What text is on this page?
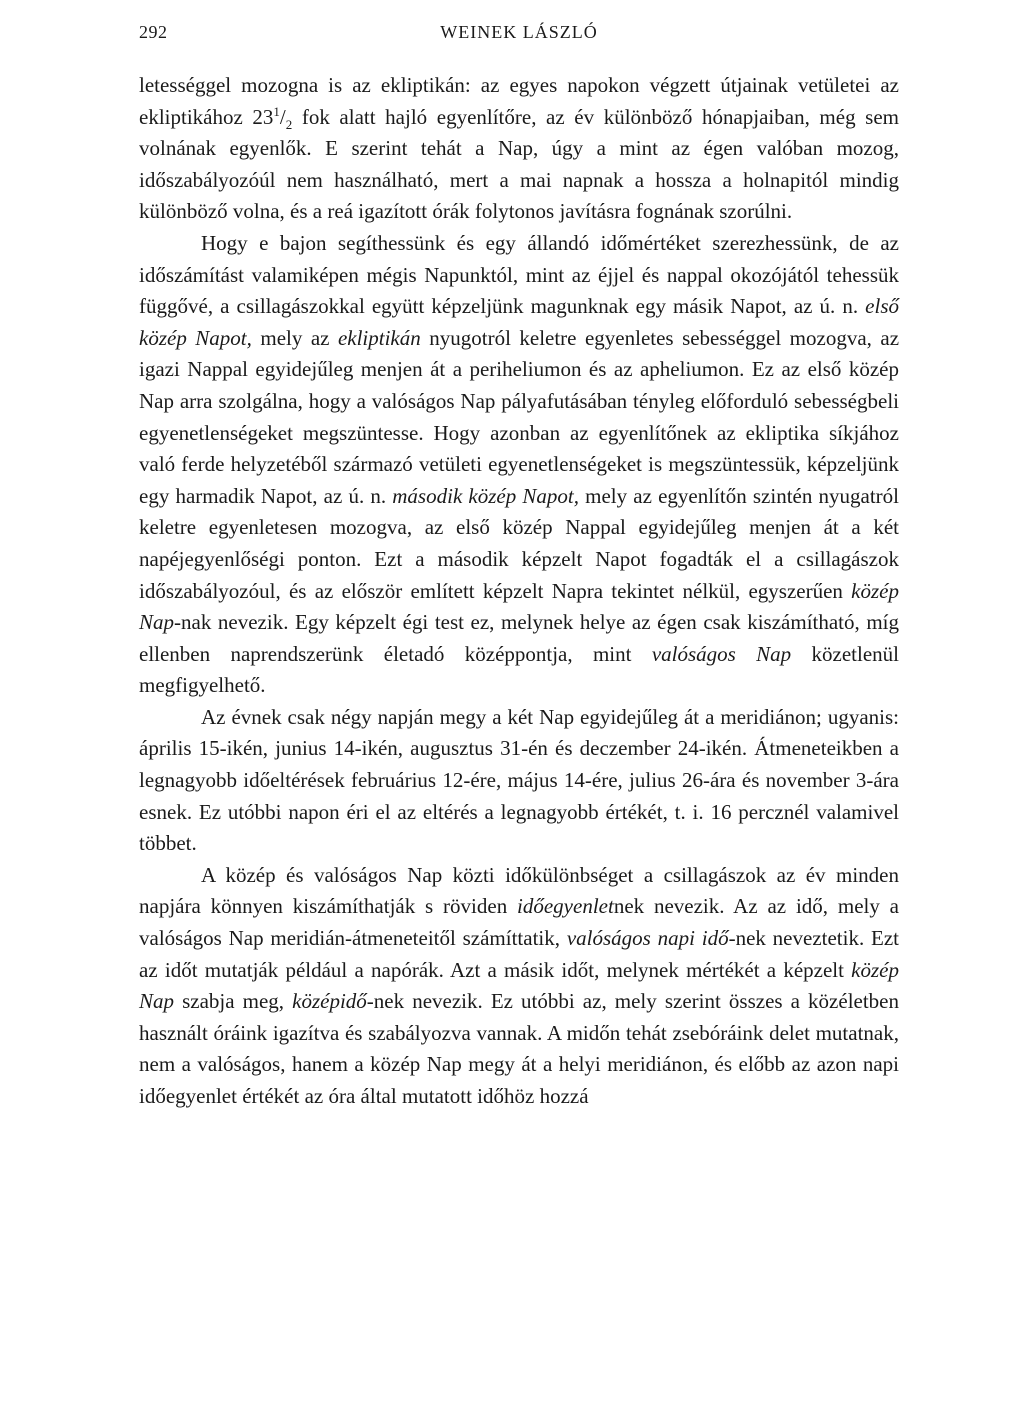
292	WEINEK LÁSZLÓ

letességgel mozogna is az ekliptikán: az egyes napokon végzett útjainak vetületei az ekliptikához $23^1/_2$ fok alatt hajló egyenlítőre, az év különböző hónapjaiban, még sem volnának egyenlők. E szerint tehát a Nap, úgy a mint az égen valóban mozog, időszabályozóúl nem használható, mert a mai napnak a hossza a holnapitól mindig különböző volna, és a reá igazított órák folytonos javításra fognának szorúlni.

Hogy e bajon segíthessünk és egy állandó időmértéket szerezhessünk, de az időszámítást valamiképen mégis Napunktól, mint az éjjel és nappal okozójától tehessük függővé, a csillagászokkal együtt képzeljünk magunknak egy másik Napot, az ú. n. első közép Napot, mely az ekliptikán nyugotról keletre egyenletes sebességgel mozogva, az igazi Nappal egyidejűleg menjen át a periheliumon és az apheliumon. Ez az első közép Nap arra szolgálna, hogy a valóságos Nap pályafutásában tényleg előforduló sebességbeli egyenetlenségeket megszüntesse. Hogy azonban az egyenlítőnek az ekliptika síkjához való ferde helyzetéből származó vetületi egyenetlenségeket is megszüntessük, képzeljünk egy harmadik Napot, az ú. n. második közép Napot, mely az egyenlítőn szintén nyugatról keletre egyenletesen mozogva, az első közép Nappal egyidejűleg menjen át a két napéjegyenlőségi ponton. Ezt a második képzelt Napot fogadták el a csillagászok időszabályozóul, és az először említett képzelt Napra tekintet nélkül, egyszerűen közép Nap-nak nevezik. Egy képzelt égi test ez, melynek helye az égen csak kiszámítható, míg ellenben naprendszerünk életadó középpontja, mint valóságos Nap közetlenül megfigyelhető.

Az évnek csak négy napján megy a két Nap egyidejűleg át a meridiánon; ugyanis: április 15-ikén, junius 14-ikén, augusztus 31-én és deczember 24-ikén. Átmeneteikben a legnagyobb időeltérések februárius 12-ére, május 14-ére, julius 26-ára és november 3-ára esnek. Ez utóbbi napon éri el az eltérés a legnagyobb értékét, t. i. 16 percznél valamivel többet.

A közép és valóságos Nap közti időkülönbséget a csillagászok az év minden napjára könnyen kiszámíthatják s röviden időegyenletnek nevezik. Az az idő, mely a valóságos Nap meridián-átmeneteitől számíttatik, valóságos napi idő-nek neveztetik. Ezt az időt mutatják például a napórák. Azt a másik időt, melynek mértékét a képzelt közép Nap szabja meg, középidő-nek nevezik. Ez utóbbi az, mely szerint összes a közéletben használt óráink igazítva és szabályozva vannak. A midőn tehát zsebóráink delet mutatnak, nem a valóságos, hanem a közép Nap megy át a helyi meridiánon, és előbb az azon napi időegyenlet értékét az óra által mutatott időhöz hozzá
